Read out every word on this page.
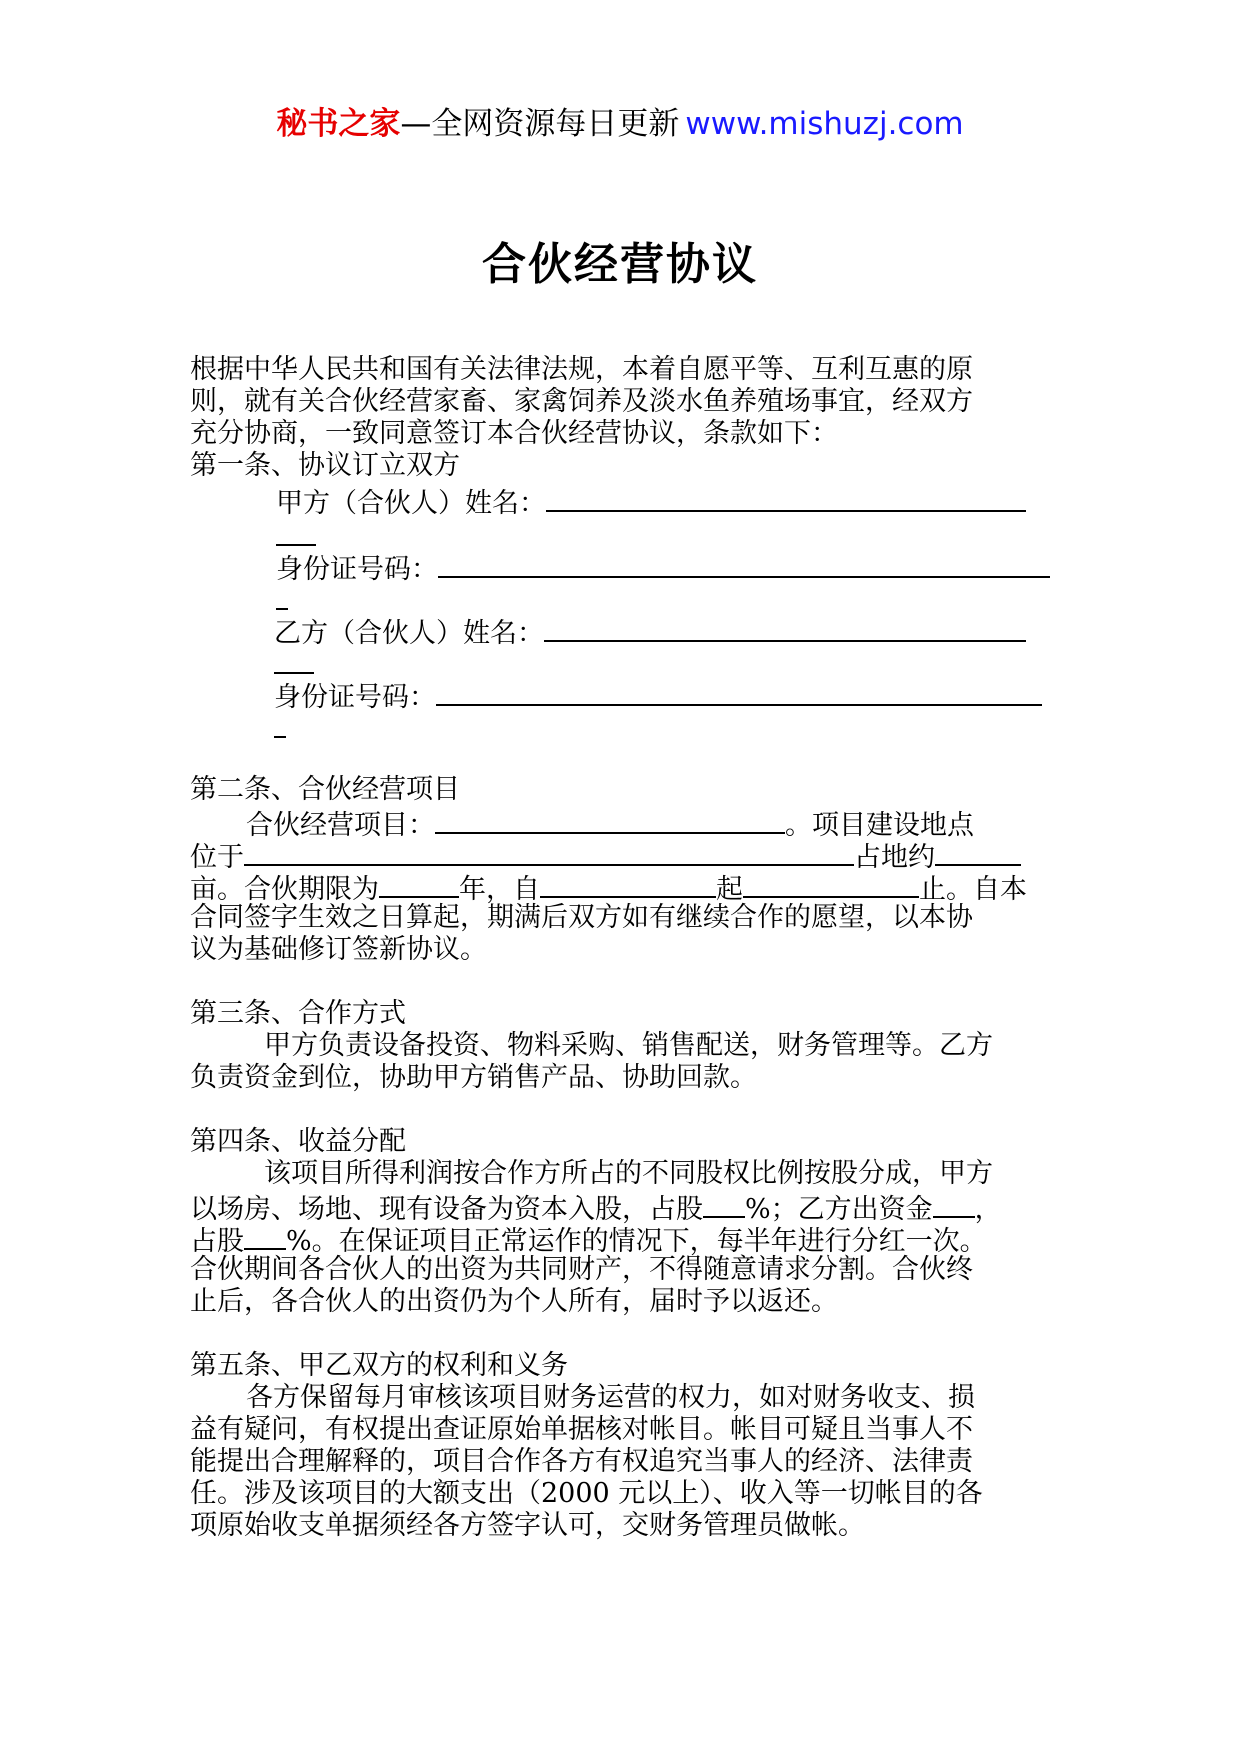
秘书之家—全网资源每日更新 www.mishuzj.com
合伙经营协议
根据中华人民共和国有关法律法规，本着自愿平等、互利互惠的原
则，就有关合伙经营家畜、家禽饲养及淡水鱼养殖场事宜，经双方
充分协商，一致同意签订本合伙经营协议，条款如下：
第一条、协议订立双方
甲方（合伙人）姓名：
身份证号码：
乙方（合伙人）姓名：
身份证号码：
第二条、合伙经营项目
合伙经营项目：	。项目建设地点
位于	占地约
亩。合伙期限为	年，自	起	止。自本
合同签字生效之日算起，期满后双方如有继续合作的愿望，以本协
议为基础修订签新协议。
第三条、合作方式
甲方负责设备投资、物料采购、销售配送，财务管理等。乙方
负责资金到位，协助甲方销售产品、协助回款。
第四条、收益分配
该项目所得利润按合作方所占的不同股权比例按股分成，甲方
以场房、场地、现有设备为资本入股，占股 %；乙方出资金 ，
占股 %。在保证项目正常运作的情况下，每半年进行分红一次。
合伙期间各合伙人的出资为共同财产，不得随意请求分割。合伙终
止后，各合伙人的出资仍为个人所有，届时予以返还。
第五条、甲乙双方的权利和义务
各方保留每月审核该项目财务运营的权力，如对财务收支、损
益有疑问，有权提出查证原始单据核对帐目。帐目可疑且当事人不
能提出合理解释的，项目合作各方有权追究当事人的经济、法律责
任。涉及该项目的大额支出（2000 元以上）、收入等一切帐目的各
项原始收支单据须经各方签字认可，交财务管理员做帐。
